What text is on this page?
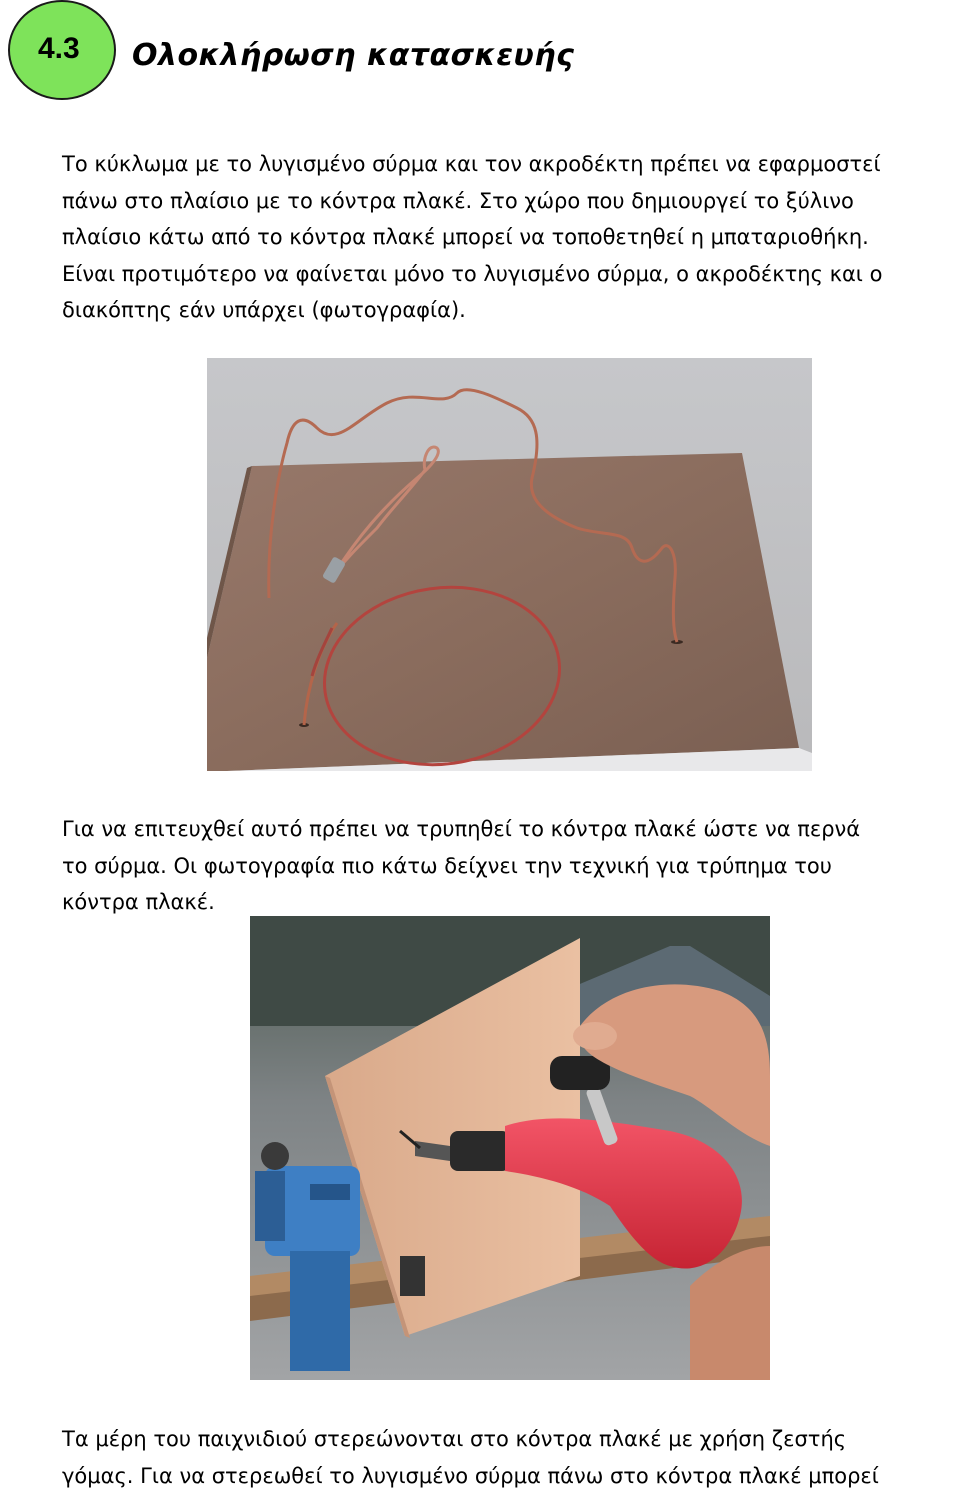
4.3 Ολοκλήρωση κατασκευής

Το κύκλωμα με το λυγισμένο σύρμα και τον ακροδέκτη πρέπει να εφαρμοστεί
πάνω στο πλαίσιο με το κόντρα πλακέ. Στο χώρο που δημιουργεί το ξύλινο
πλαίσιο κάτω από το κόντρα πλακέ μπορεί να τοποθετηθεί η μπαταριοθήκη.
Είναι προτιμότερο να φαίνεται μόνο το λυγισμένο σύρμα, ο ακροδέκτης και ο
διακόπτης εάν υπάρχει (φωτογραφία).

Για να επιτευχθεί αυτό πρέπει να τρυπηθεί το κόντρα πλακέ ώστε να περνά
το σύρμα. Οι φωτογραφία πιο κάτω δείχνει την τεχνική για τρύπημα του
κόντρα πλακέ.

Τα μέρη του παιχνιδιού στερεώνονται στο κόντρα πλακέ με χρήση ζεστής
γόμας. Για να στερεωθεί το λυγισμένο σύρμα πάνω στο κόντρα πλακέ μπορεί
